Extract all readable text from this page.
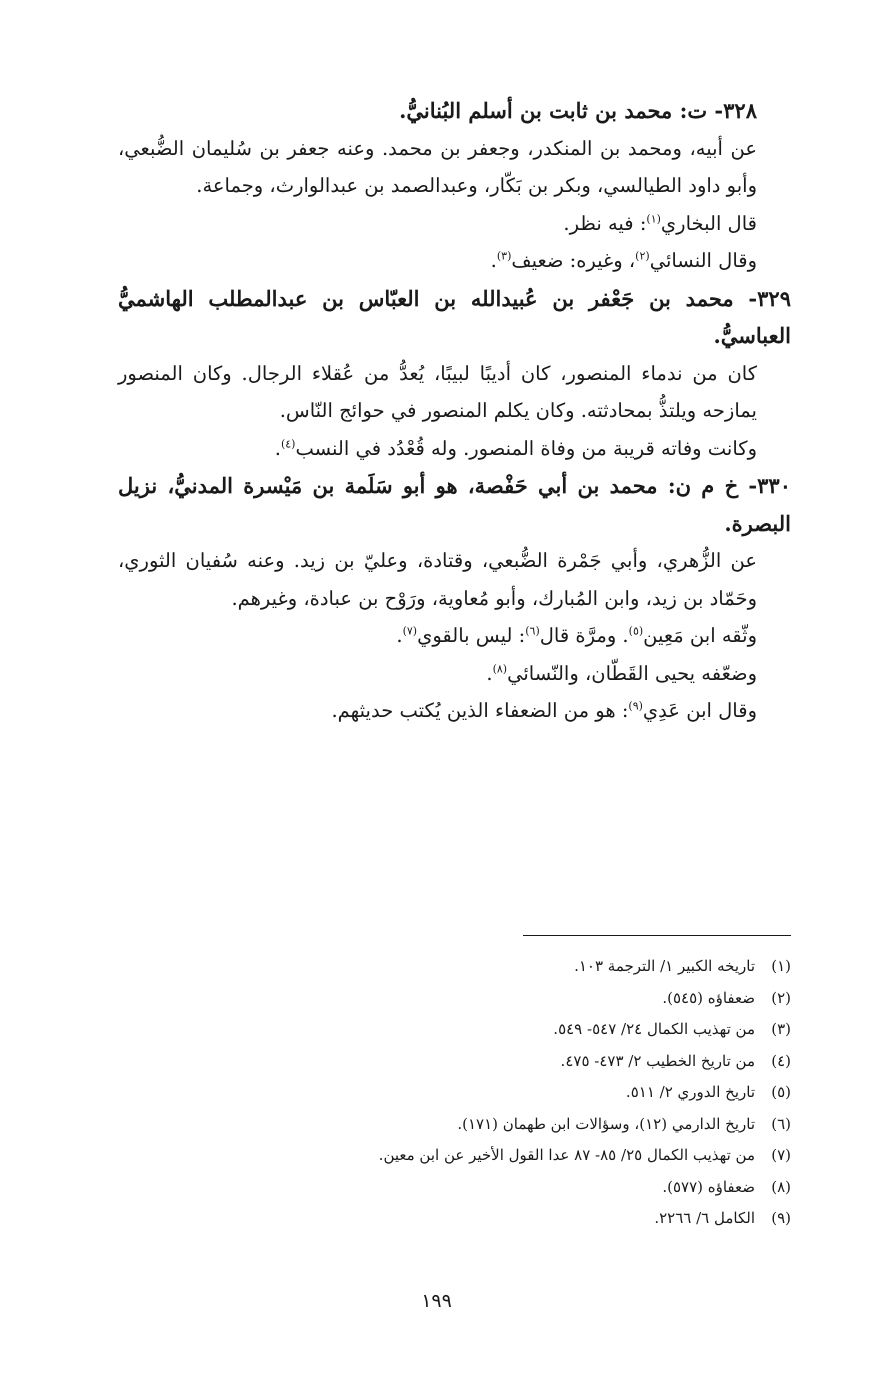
٣٢٨- ت: محمد بن ثابت بن أسلم البُنانيُّ.

عن أبيه، ومحمد بن المنكدر، وجعفر بن محمد. وعنه جعفر بن سُليمان الضُّبعي، وأبو داود الطيالسي، وبكر بن بَكّار، وعبدالصمد بن عبدالوارث، وجماعة.

قال البخاري$^{(١)}$: فيه نظر.

وقال النسائي$^{(٢)}$، وغيره: ضعيف$^{(٣)}$.

٣٢٩- محمد بن جَعْفر بن عُبيدالله بن العبّاس بن عبدالمطلب الهاشميُّ العباسيُّ.

كان من ندماء المنصور، كان أديبًا لبيبًا، يُعدُّ من عُقلاء الرجال. وكان المنصور يمازحه ويلتذُّ بمحادثته. وكان يكلم المنصور في حوائج النّاس.

وكانت وفاته قريبة من وفاة المنصور. وله قُعْدُد في النسب$^{(٤)}$.

٣٣٠- خ م ن: محمد بن أبي حَفْصة، هو أبو سَلَمة بن مَيْسرة المدنيُّ، نزيل البصرة.

عن الزُّهري، وأبي جَمْرة الضُّبعي، وقتادة، وعليّ بن زيد. وعنه سُفيان الثوري، وحَمّاد بن زيد، وابن المُبارك، وأبو مُعاوية، ورَوْح بن عبادة، وغيرهم.

وثّقه ابن مَعِين$^{(٥)}$. ومرَّة قال$^{(٦)}$: ليس بالقوي$^{(٧)}$.

وضعّفه يحيى القَطّان، والنّسائي$^{(٨)}$.

وقال ابن عَدِي$^{(٩)}$: هو من الضعفاء الذين يُكتب حديثهم.

(١)
تاريخه الكبير ١/ الترجمة ١٠٣.
(٢)
ضعفاؤه (٥٤٥).
(٣)
من تهذيب الكمال ٢٤/ ٥٤٧- ٥٤٩.
(٤)
من تاريخ الخطيب ٢/ ٤٧٣- ٤٧٥.
(٥)
تاريخ الدوري ٢/ ٥١١.
(٦)
تاريخ الدارمي (١٢)، وسؤالات ابن طهمان (١٧١).
(٧)
من تهذيب الكمال ٢٥/ ٨٥- ٨٧ عدا القول الأخير عن ابن معين.
(٨)
ضعفاؤه (٥٧٧).
(٩)
الكامل ٦/ ٢٢٦٦.
١٩٩
